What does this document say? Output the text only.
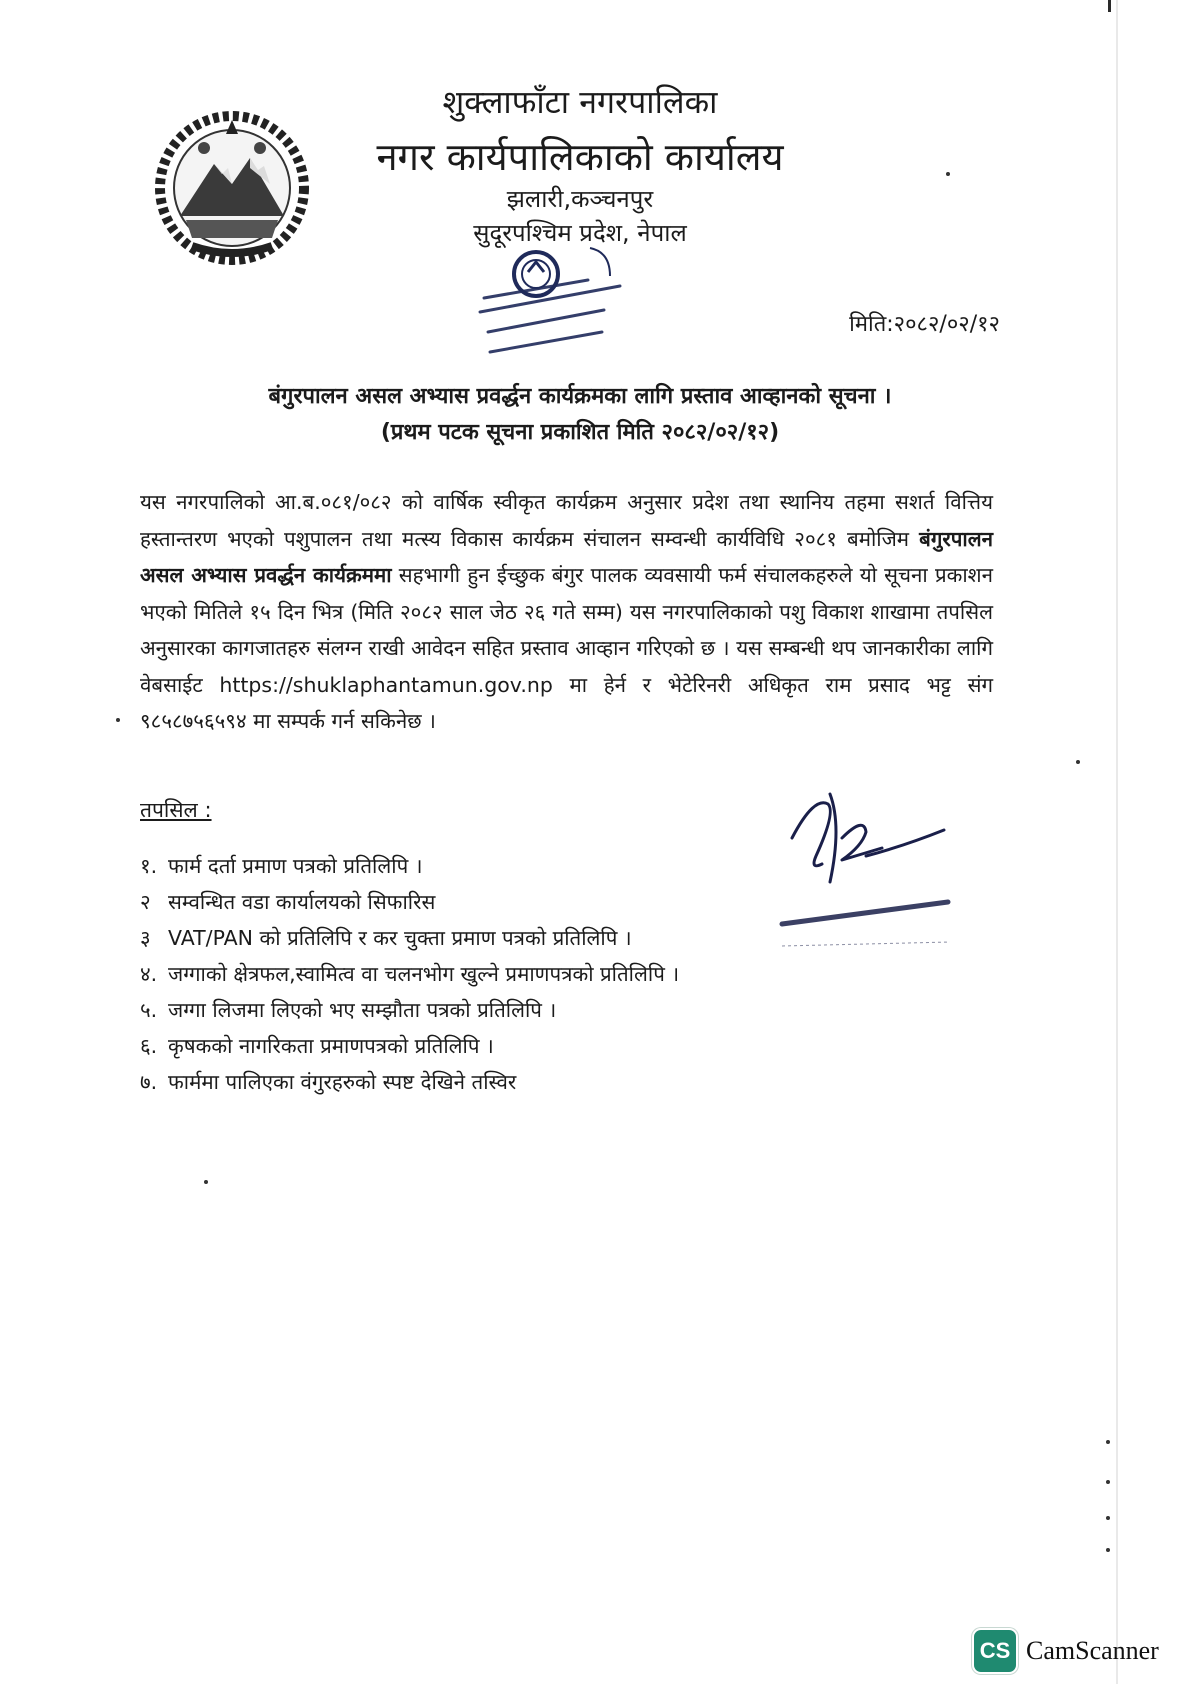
शुक्लाफाँटा नगरपालिका
नगर कार्यपालिकाको कार्यालय
झलारी,कञ्चनपुर
सुदूरपश्चिम प्रदेश, नेपाल
मिति:२०८२/०२/१२
बंगुरपालन असल अभ्यास प्रवर्द्धन कार्यक्रमका लागि प्रस्ताव आव्हानको सूचना ।
(प्रथम पटक सूचना प्रकाशित मिति २०८२/०२/१२)
यस नगरपालिको आ.ब.०८१/०८२ को वार्षिक स्वीकृत कार्यक्रम अनुसार प्रदेश तथा स्थानिय तहमा सशर्त वित्तिय हस्तान्तरण भएको पशुपालन तथा मत्स्य विकास कार्यक्रम संचालन सम्वन्धी कार्यविधि २०८१ बमोजिम बंगुरपालन असल अभ्यास प्रवर्द्धन कार्यक्रममा सहभागी हुन ईच्छुक बंगुर पालक व्यवसायी फर्म संचालकहरुले यो सूचना प्रकाशन भएको मितिले १५ दिन भित्र (मिति २०८२ साल जेठ २६ गते सम्म) यस नगरपालिकाको पशु विकाश शाखामा तपसिल अनुसारका कागजातहरु संलग्न राखी आवेदन सहित प्रस्ताव आव्हान गरिएको छ । यस सम्बन्धी थप जानकारीका लागि वेबसाईट https://shuklaphantamun.gov.np मा हेर्न र भेटेरिनरी अधिकृत राम प्रसाद भट्ट संग ९८५८७५६५९४ मा सम्पर्क गर्न सकिनेछ ।
तपसिल :
१. फार्म दर्ता प्रमाण पत्रको प्रतिलिपि ।
२ सम्वन्धित वडा कार्यालयको सिफारिस
३ VAT/PAN को प्रतिलिपि र कर चुक्ता प्रमाण पत्रको प्रतिलिपि ।
४. जग्गाको क्षेत्रफल,स्वामित्व वा चलनभोग खुल्ने प्रमाणपत्रको प्रतिलिपि ।
५. जग्गा लिजमा लिएको भए सम्झौता पत्रको प्रतिलिपि ।
६. कृषकको नागरिकता प्रमाणपत्रको प्रतिलिपि ।
७. फार्ममा पालिएका वंगुरहरुको स्पष्ट देखिने तस्विर
CS CamScanner
